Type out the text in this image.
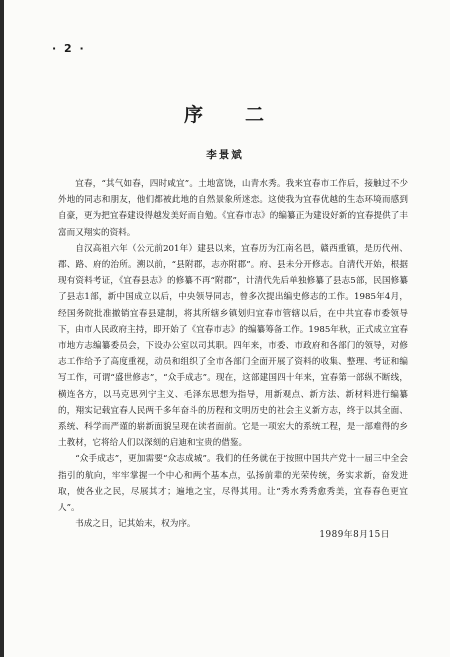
· 2 ·
序二
李景斌

宜春，“其气如春，四时咸宜”。土地富饶，山青水秀。我来宜春市工作后，接触过不少外地的同志和朋友，他们都被此地的自然景象所迷恋。这使我为宜春优越的生态环境而感到自豪，更为把宜春建设得越发美好而自勉。《宜春市志》的编纂正为建设好新的宜春提供了丰富而又翔实的资料。

自汉高祖六年（公元前201年）建县以来，宜春历为江南名邑，赣西重镇，是历代州、郡、路、府的治所。溯以前，“县附郡，志亦附郡”。府、县未分开修志。自清代开始，根据现有资料考证，《宜春县志》的修纂不再“附郡”，计清代先后单独修纂了县志5部，民国修纂了县志1部，新中国成立以后，中央领导同志，曾多次提出编史修志的工作。1985年4月，经国务院批准撤销宜春县建制，将其所辖乡镇划归宜春市管辖以后，在中共宜春市委领导下，由市人民政府主持，即开始了《宜春市志》的编纂筹备工作。1985年秋，正式成立宜春市地方志编纂委员会，下设办公室以司其职。四年来，市委、市政府和各部门的领导，对修志工作给予了高度重视，动员和组织了全市各部门全面开展了资料的收集、整理、考证和编写工作，可谓“盛世修志”，“众手成志”。现在，这部建国四十年来，宜春第一部纵不断线，横连各方，以马克思列宁主义、毛泽东思想为指导，用新观点、新方法、新材料进行编纂的，翔实记载宜春人民两千多年奋斗的历程和文明历史的社会主义新方志，终于以其全面、系统、科学而严谨的崭新面貌呈现在读者面前。它是一项宏大的系统工程，是一部难得的乡土教材，它将给人们以深刻的启迪和宝贵的借鉴。

“众手成志”，更加需要“众志成城”。我们的任务就在于按照中国共产党十一届三中全会指引的航向，牢牢掌握一个中心和两个基本点，弘扬前辈的光荣传统，务实求新，奋发进取，使各业之民，尽展其才；遍地之宝，尽得其用。让“秀水秀秀愈秀美，宜春春色更宜人”。

书成之日，记其始末，权为序。

1989年8月15日
